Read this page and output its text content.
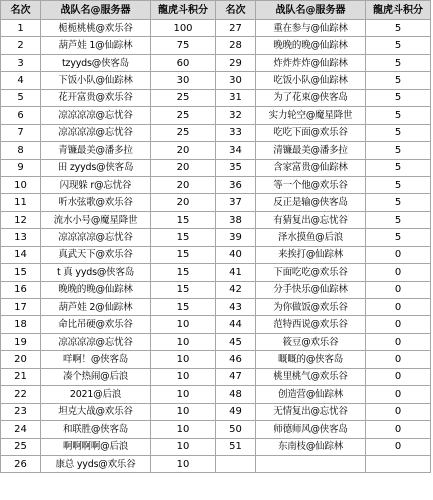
名次	战队名@服务器	龍虎斗积分	名次	战队名@服务器	龍虎斗积分
1	栀栀桃桃@欢乐谷	100	27	重在参与@仙踪林	5
2	葫芦娃 1@仙踪林	75	28	晚晚的晚@仙踪林	5
3	tzyyds@侠客岛	60	29	炸炸炸炸@仙踪林	5
4	下饭小队@仙踪林	30	30	吃饭小队@仙踪林	5
5	花开富贵@欢乐谷	25	31	为了花束@侠客岛	5
6	凉凉凉凉@忘忧谷	25	32	实力轮空@魔星降世	5
7	凉凉凉凉@忘忧谷	25	33	吃吃下面@欢乐谷	5
8	青镰最美@潘多拉	20	34	清镰最美@潘多拉	5
9	田 zyyds@侠客岛	20	35	含家富贵@仙踪林	5
10	闪现躲 r@忘忧谷	20	36	等一个他@欢乐谷	5
11	听水弦歌@欢乐谷	20	37	反正是输@侠客岛	5
12	流水小号@魔星降世	15	38	有猜复出@忘忧谷	5
13	凉凉凉凉@忘忧谷	15	39	泽水摸鱼@后浪	5
14	真武天下@欢乐谷	15	40	来挨打@仙踪林	0
15	t 真 yyds@侠客岛	15	41	下面吃吃@欢乐谷	0
16	晚晚的晚@仙踪林	15	42	分手快乐@仙踪林	0
17	葫芦娃 2@仙踪林	15	43	为你做饭@欢乐谷	0
18	命比吊硬@欢乐谷	10	44	范特西说@欢乐谷	0
19	凉凉凉凉@忘忧谷	10	45	筱豆@欢乐谷	0
20	咩啊！@侠客岛	10	46	嘅嘅的@侠客岛	0
21	凑个热闹@后浪	10	47	桃里桃气@欢乐谷	0
22	2021@后浪	10	48	创造营@仙踪林	0
23	坦克大战@欢乐谷	10	49	无情复出@忘忧谷	0
24	和联胜@侠客岛	10	50	师德师风@侠客岛	0
25	啊啊啊啊@后浪	10	51	东南枝@仙踪林	0
26	康总 yyds@欢乐谷	10			
